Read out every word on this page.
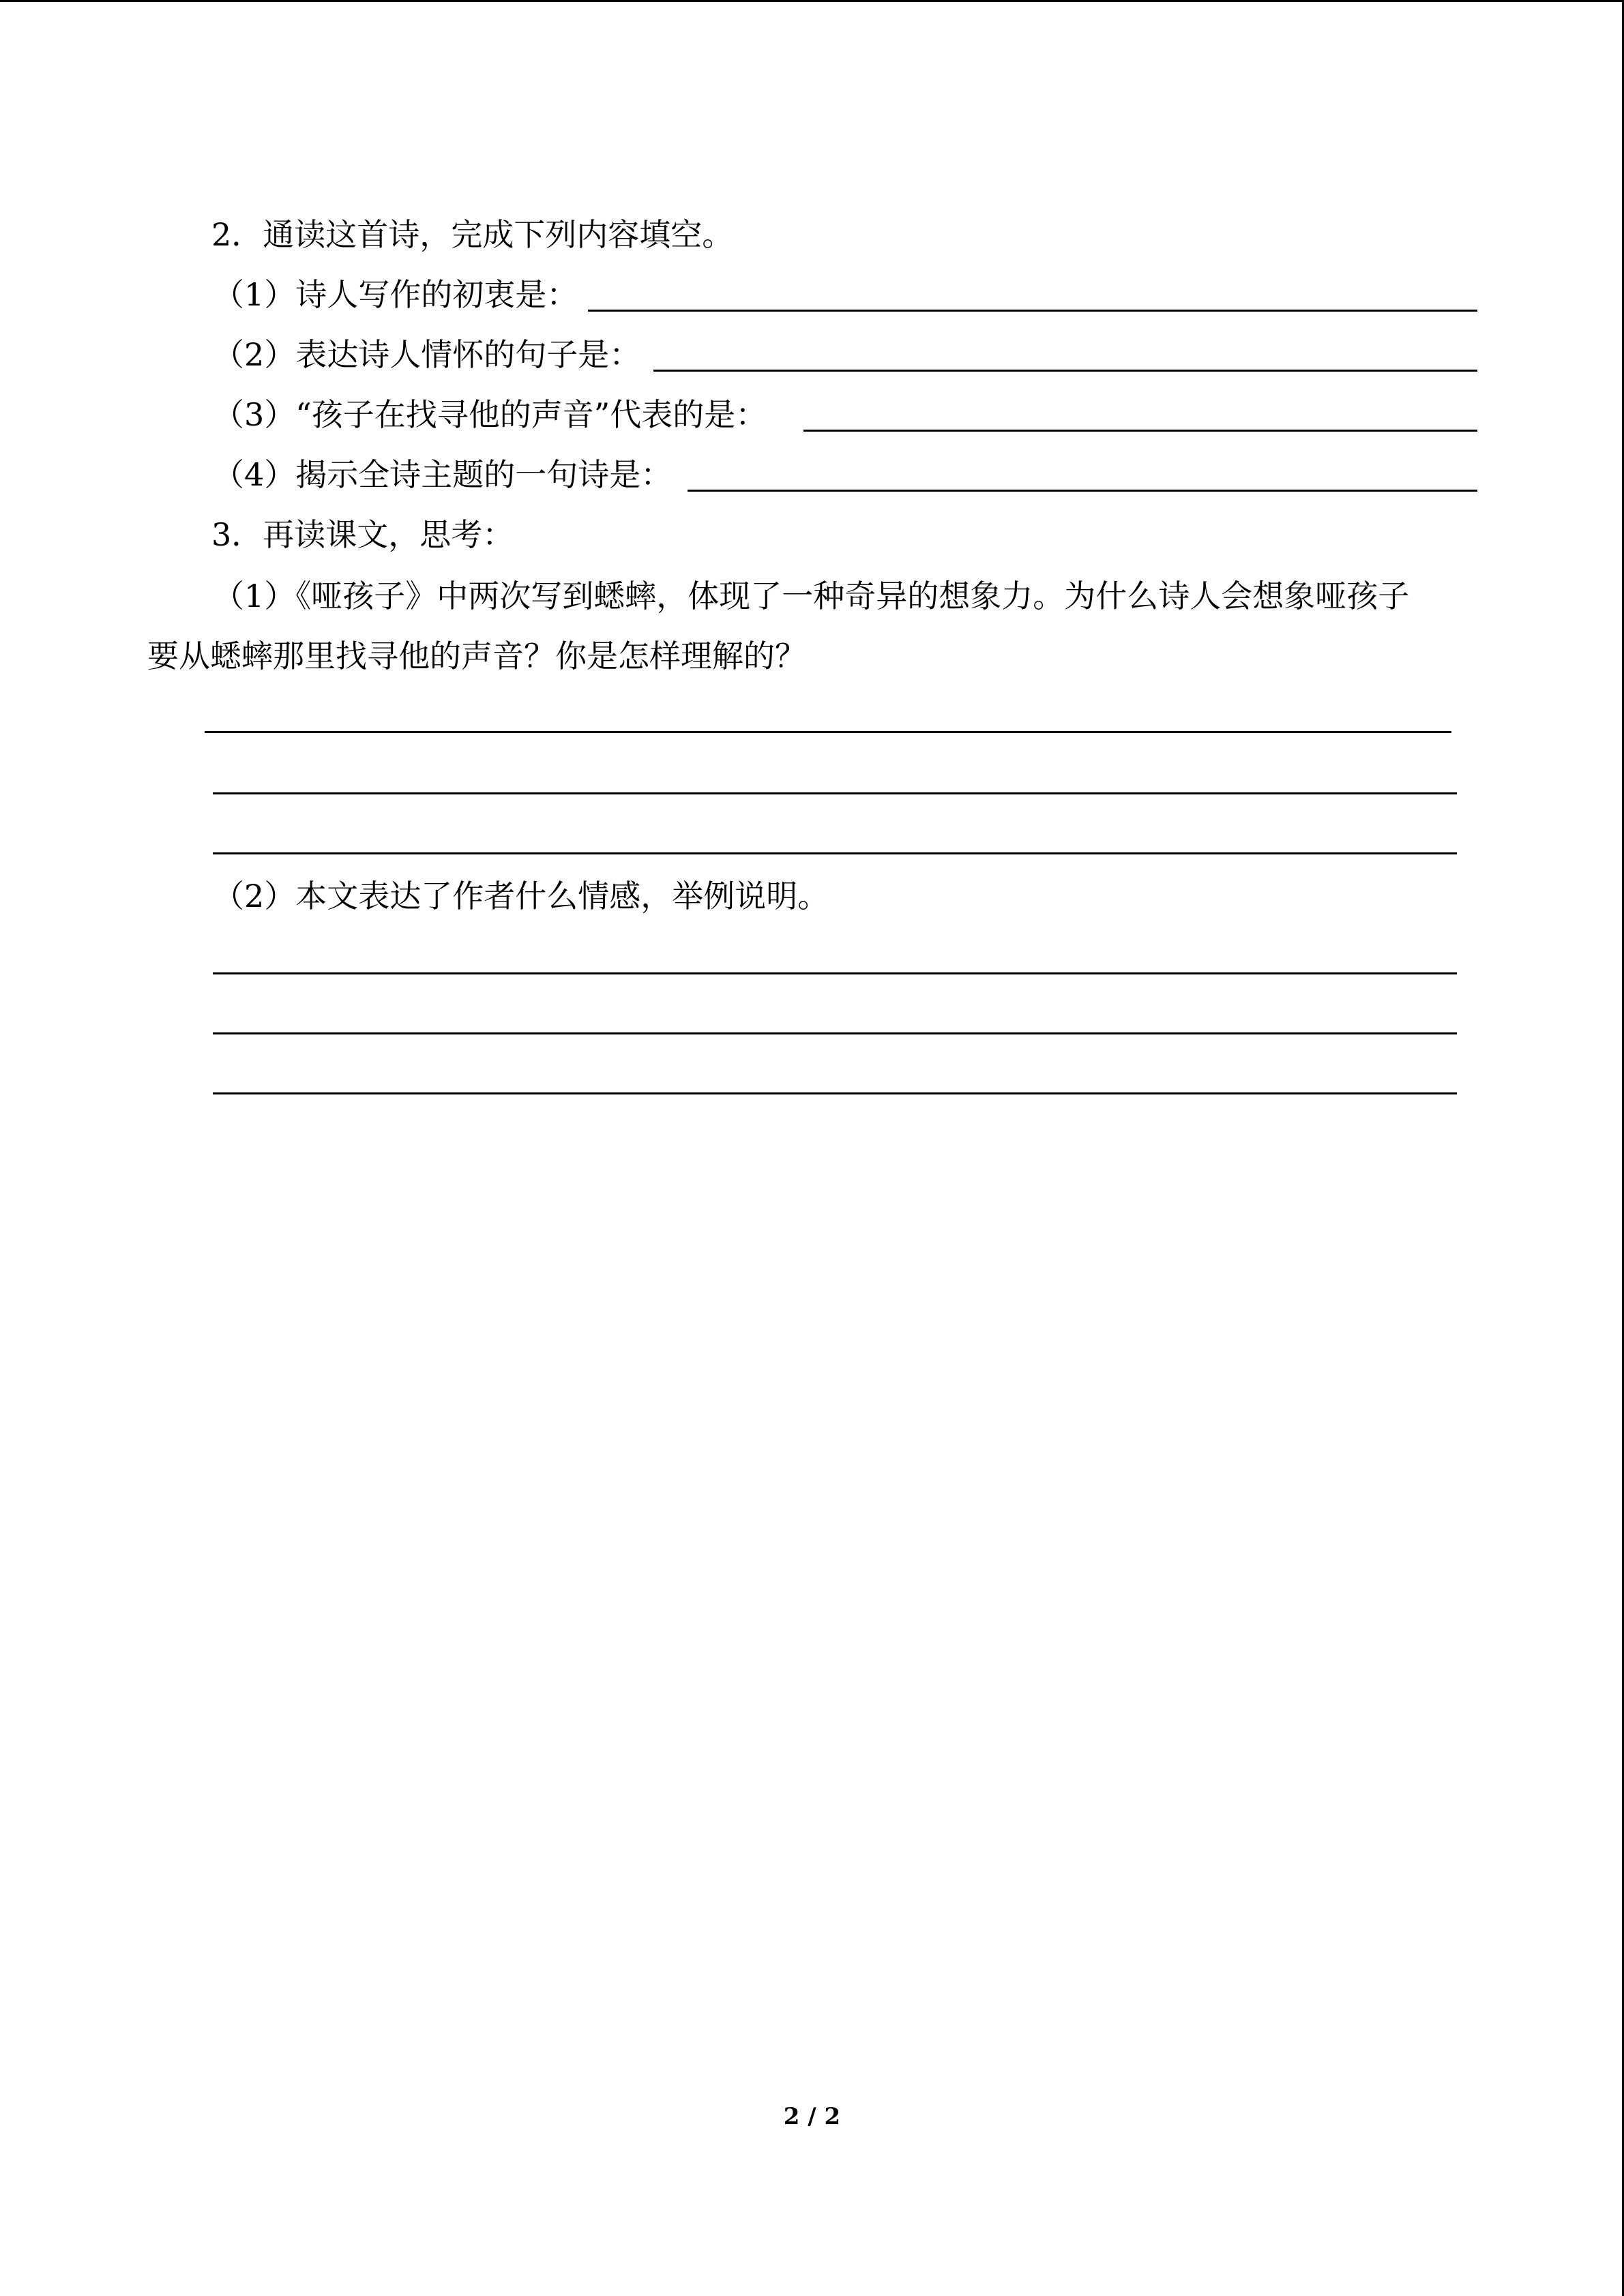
2．通读这首诗，完成下列内容填空。
（1）诗人写作的初衷是：
（2）表达诗人情怀的句子是：
（3）“孩子在找寻他的声音”代表的是：
（4）揭示全诗主题的一句诗是：
3．再读课文，思考：
（1）《哑孩子》中两次写到蟋蟀，体现了一种奇异的想象力。为什么诗人会想象哑孩子
要从蟋蟀那里找寻他的声音？你是怎样理解的？
（2）本文表达了作者什么情感，举例说明。
2 / 2
